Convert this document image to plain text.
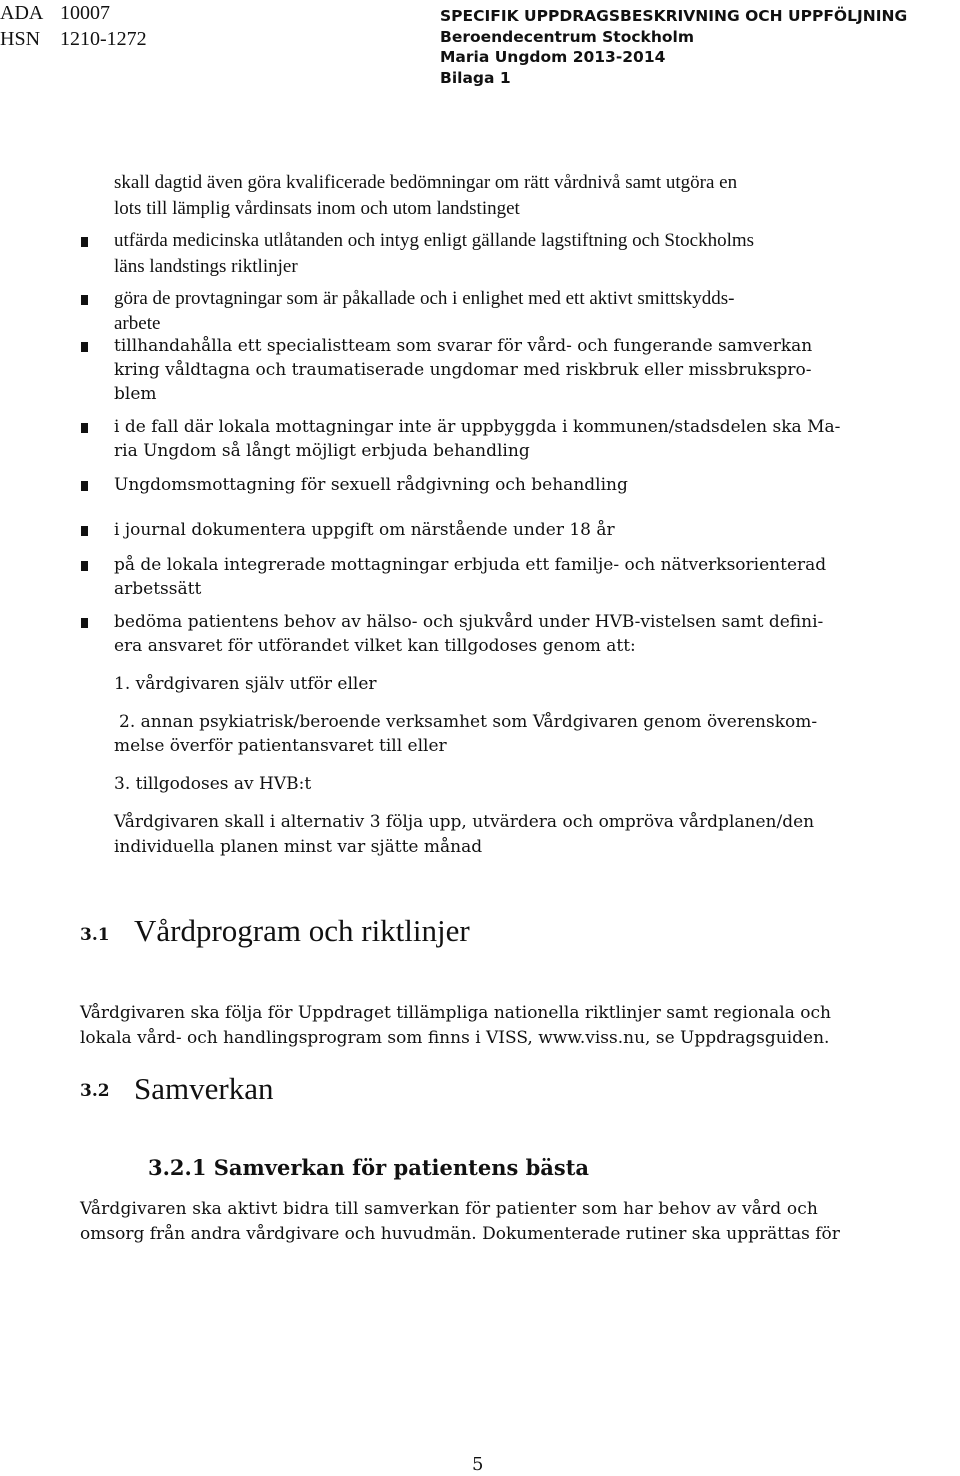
ADA 10007
HSN 1210-1272
SPECIFIK UPPDRAGSBESKRIVNING OCH UPPFÖLJNING
Beroendecentrum Stockholm
Maria Ungdom 2013-2014
Bilaga 1
skall dagtid även göra kvalificerade bedömningar om rätt vårdnivå samt utgöra en
lots till lämplig vårdinsats inom och utom landstinget
utfärda medicinska utlåtanden och intyg enligt gällande lagstiftning och Stockholms
läns landstings riktlinjer
göra de provtagningar som är påkallade och i enlighet med ett aktivt smittskydds-
arbete
tillhandahålla ett specialistteam som svarar för vård- och fungerande samverkan
kring våldtagna och traumatiserade ungdomar med riskbruk eller missbrukspro-
blem
i de fall där lokala mottagningar inte är uppbyggda i kommunen/stadsdelen ska Ma-
ria Ungdom så långt möjligt erbjuda behandling
Ungdomsmottagning för sexuell rådgivning och behandling
i journal dokumentera uppgift om närstående under 18 år
på de lokala integrerade mottagningar erbjuda ett familje- och nätverksorienterad
arbetssätt
bedöma patientens behov av hälso- och sjukvård under HVB-vistelsen samt defini-
era ansvaret för utförandet vilket kan tillgodoses genom att:
1. vårdgivaren själv utför eller
2. annan psykiatrisk/beroende verksamhet som Vårdgivaren genom överenskom-
melse överför patientansvaret till eller
3. tillgodoses av HVB:t
Vårdgivaren skall i alternativ 3 följa upp, utvärdera och ompröva vårdplanen/den
individuella planen minst var sjätte månad
3.1 Vårdprogram och riktlinjer
Vårdgivaren ska följa för Uppdraget tillämpliga nationella riktlinjer samt regionala och
lokala vård- och handlingsprogram som finns i VISS, www.viss.nu, se Uppdragsguiden.
3.2 Samverkan
3.2.1 Samverkan för patientens bästa
Vårdgivaren ska aktivt bidra till samverkan för patienter som har behov av vård och
omsorg från andra vårdgivare och huvudmän. Dokumenterade rutiner ska upprättas för
5
